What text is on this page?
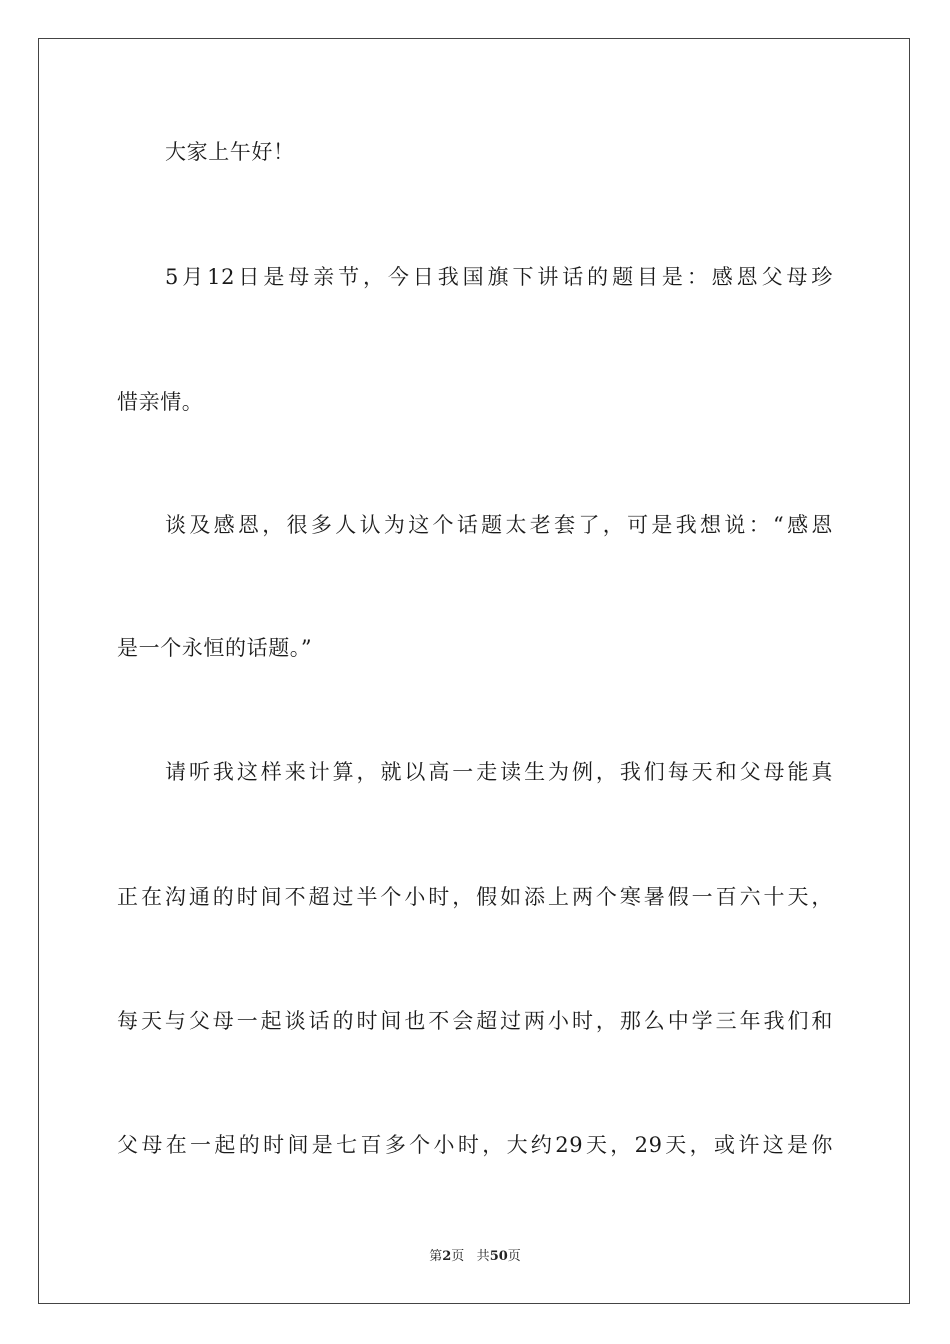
大家上午好！
5月12日是母亲节，今日我国旗下讲话的题目是：感恩父母珍
惜亲情。
谈及感恩，很多人认为这个话题太老套了，可是我想说：“感恩
是一个永恒的话题。”
请听我这样来计算，就以高一走读生为例，我们每天和父母能真
正在沟通的时间不超过半个小时，假如添上两个寒暑假一百六十天，
每天与父母一起谈话的时间也不会超过两小时，那么中学三年我们和
父母在一起的时间是七百多个小时，大约29天，29天，或许这是你
第2页 共50页
